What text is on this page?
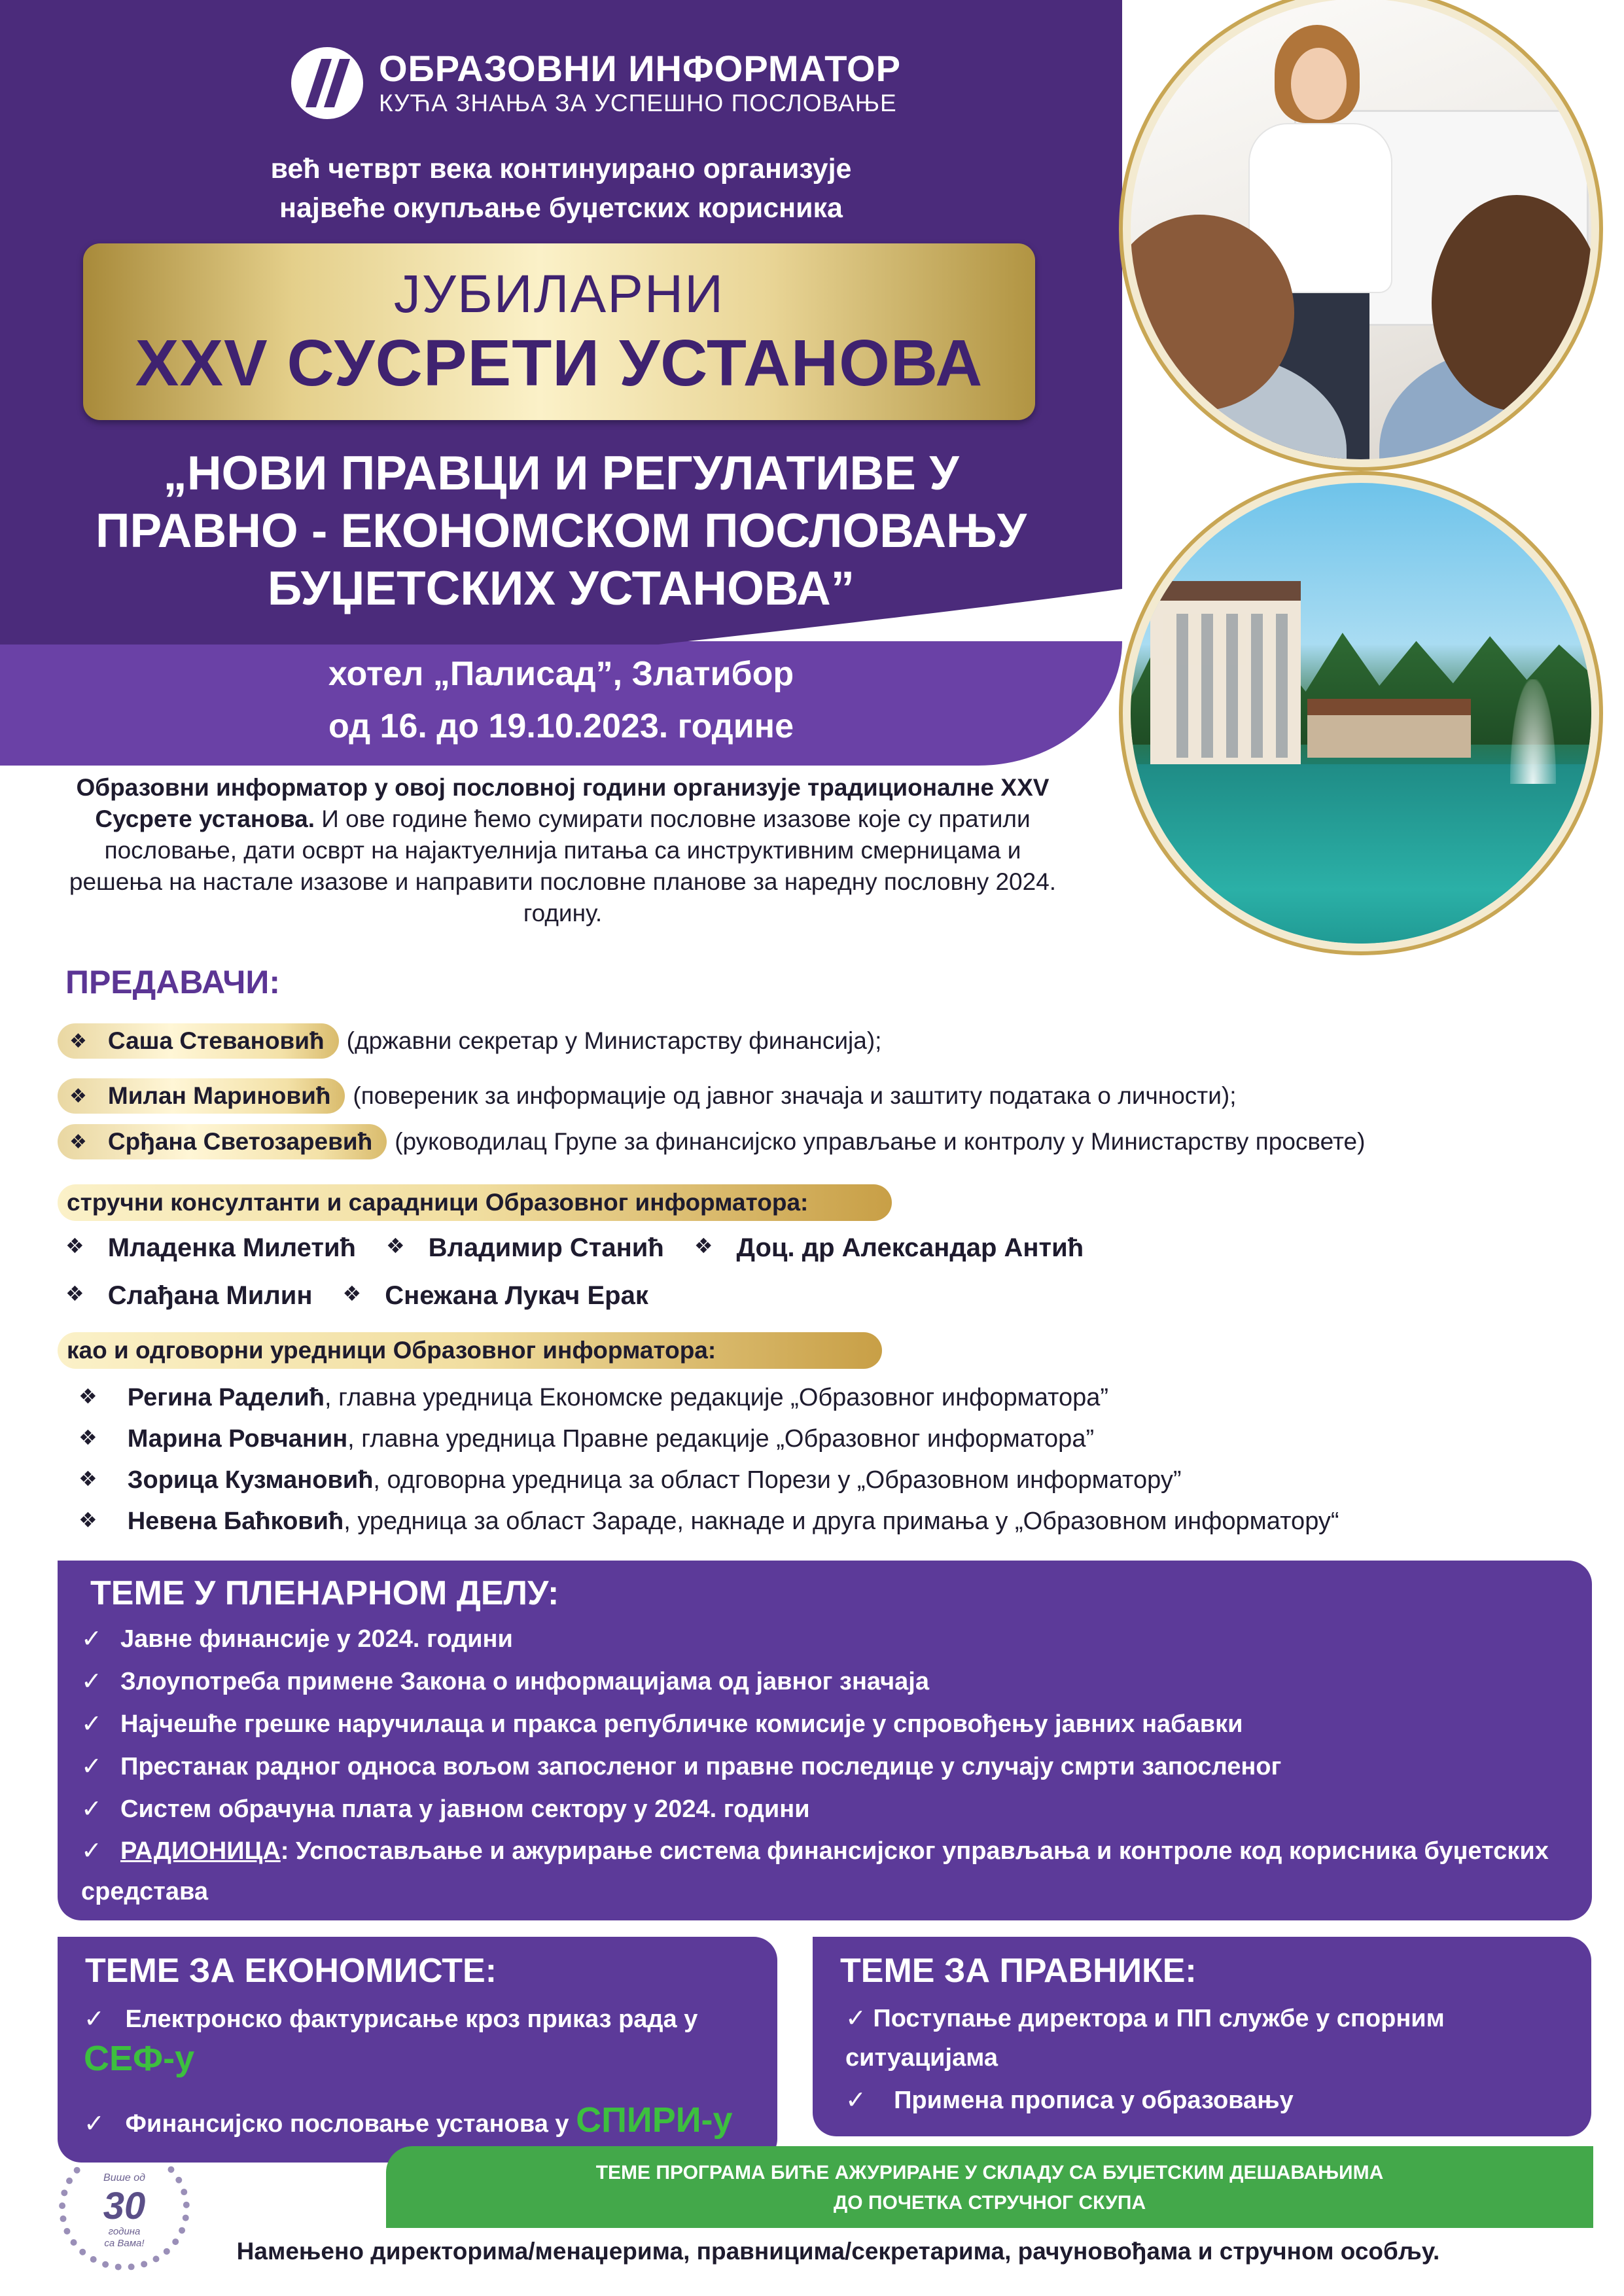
ОБРАЗОВНИ ИНФОРМАТОР
КУЋА ЗНАЊА ЗА УСПЕШНО ПОСЛОВАЊЕ
већ четврт века континуирано организује
највеће окупљање буџетских корисника
ЈУБИЛАРНИ
XXV СУСРЕТИ УСТАНОВА
„НОВИ ПРАВЦИ И РЕГУЛАТИВЕ У
ПРАВНО - ЕКОНОМСКОМ ПОСЛОВАЊУ
БУЏЕТСКИХ УСТАНОВА”
хотел „Палисад”, Златибор
од 16. до 19.10.2023. године
Образовни информатор у овој пословној години организује традиционалне XXV Сусрете установа. И ове године ћемо сумирати пословне изазове које су пратили пословање, дати осврт на најактуелнија питања са инструктивним смерницама и решења на настале изазове и направити пословне планове за наредну пословну 2024. годину.
ПРЕДАВАЧИ:
❖ Саша Стевановић (државни секретар у Министарству финансија);
❖ Милан Мариновић (повереник за информације од јавног значаја и заштиту података о личности);
❖ Срђана Светозаревић (руководилац Групе за финансијско управљање и контролу у Министарству просвете)
стручни консултанти и сарадници Образовног информатора:
❖ Младенка Милетић ❖ Владимир Станић ❖ Доц. др Александар Антић
❖ Слађана Милин ❖ Снежана Лукач Ерак
као и одговорни уредници Образовног информатора:
❖ Регина Раделић, главна уредница Економске редакције „Образовног информатора”
❖ Марина Ровчанин, главна уредница Правне редакције „Образовног информатора”
❖ Зорица Кузмановић, одговорна уредница за област Порези у „Образовном информатору”
❖ Невена Баћковић, уредница за област Зараде, накнаде и друга примања у „Образовном информатору“
ТЕМЕ У ПЛЕНАРНОМ ДЕЛУ:
✓ Јавне финансије у 2024. години
✓ Злоупотреба примене Закона о информацијама од јавног значаја
✓ Најчешће грешке наручилаца и пракса републичке комисије у спровођењу јавних набавки
✓ Престанак радног односа вољом запосленог и правне последице у случају смрти запосленог
✓ Систем обрачуна плата у јавном сектору у 2024. години
✓ РАДИОНИЦА: Успостављање и ажурирање система финансијског управљања и контроле код корисника буџетских средстава
ТЕМЕ ЗА ЕКОНОМИСТЕ:
✓ Електронско фактурисање кроз приказ рада у СЕФ-у
✓ Финансијско пословање установа у СПИРИ-у
ТЕМЕ ЗА ПРАВНИКЕ:
✓ Поступање директора и ПП службе у спорним ситуацијама
✓ Примена прописа у образовању
ТЕМЕ ПРОГРАМА БИЋЕ АЖУРИРАНЕ У СКЛАДУ СА БУЏЕТСКИМ ДЕШАВАЊИМА
ДО ПОЧЕТКА СТРУЧНОГ СКУПА
Више од
30
година
са Вама!	Намењено директорима/менаџерима, правницима/секретарима, рачуновођама и стручном особљу.
